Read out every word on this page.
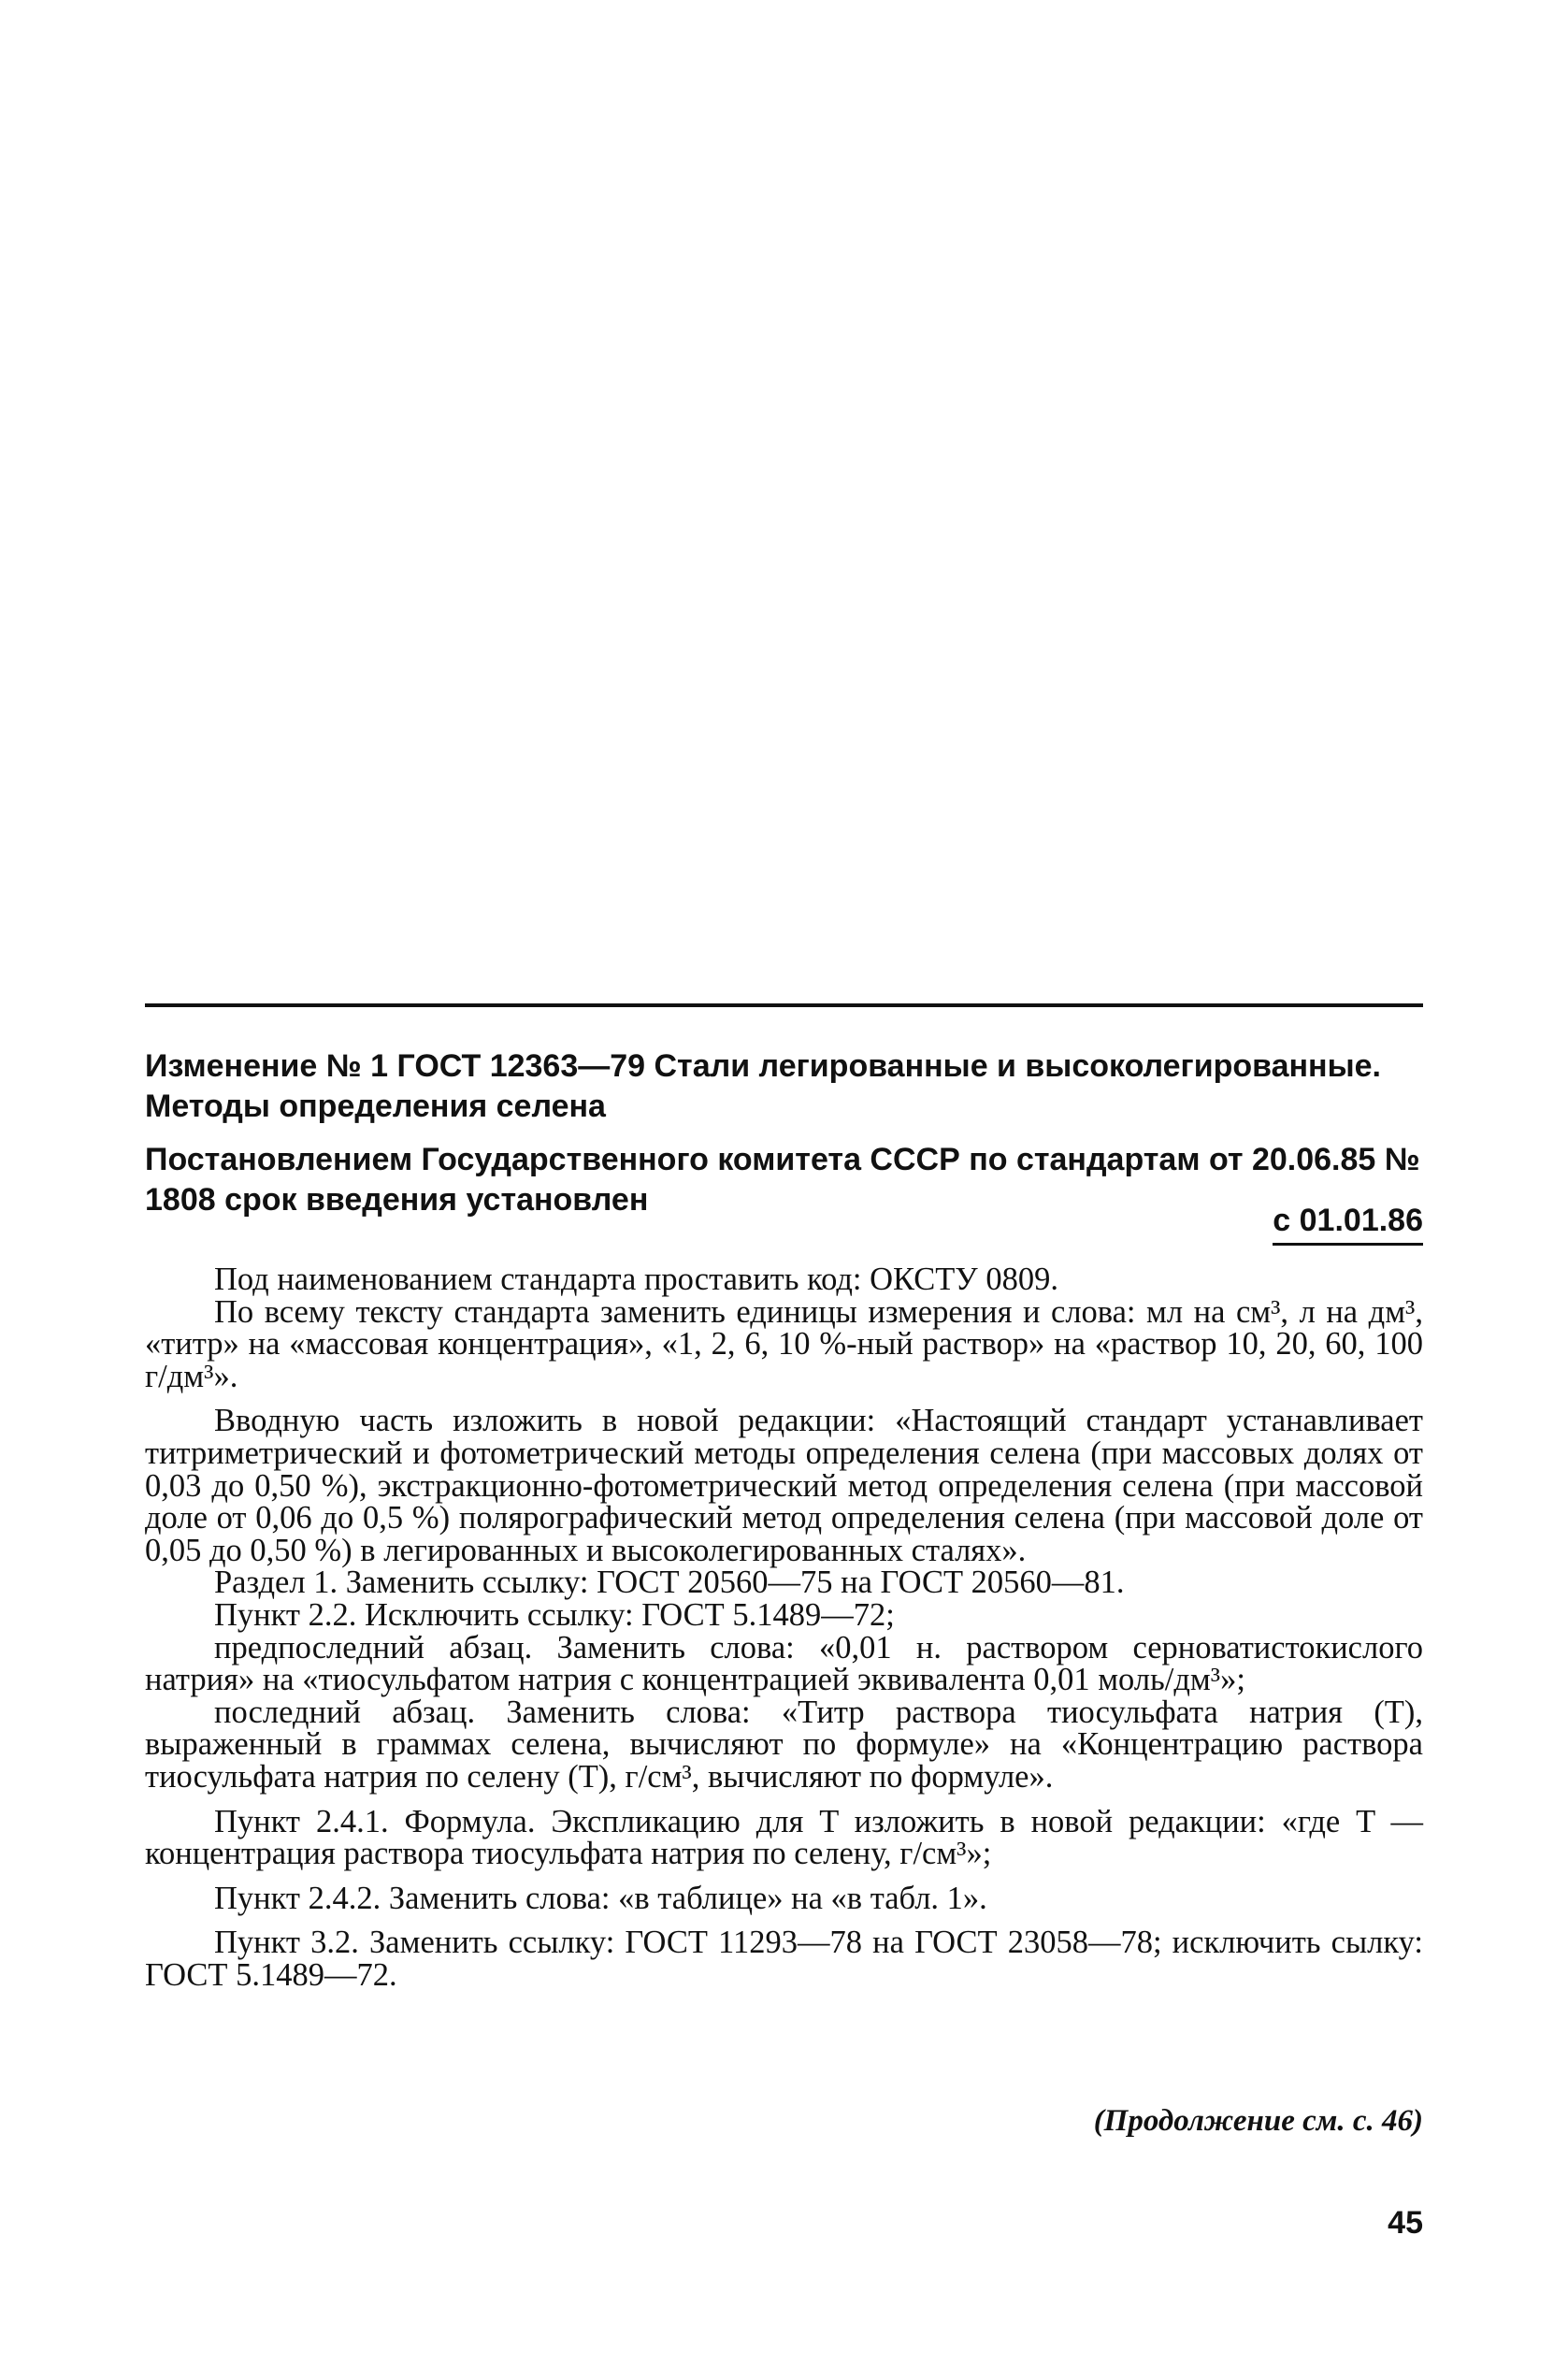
Изменение № 1 ГОСТ 12363—79 Стали легированные и высоколегированные. Методы определения селена

Постановлением Государственного комитета СССР по стандартам от 20.06.85 № 1808 срок введения установлен

с 01.01.86

Под наименованием стандарта проставить код: ОКСТУ 0809.

По всему тексту стандарта заменить единицы измерения и слова: мл на см³, л на дм³, «титр» на «массовая концентрация», «1, 2, 6, 10 %-ный раствор» на «раствор 10, 20, 60, 100 г/дм³».

Вводную часть изложить в новой редакции: «Настоящий стандарт устанавливает титриметрический и фотометрический методы определения селена (при массовых долях от 0,03 до 0,50 %), экстракционно-фотометрический метод определения селена (при массовой доле от 0,06 до 0,5 %) полярографический метод определения селена (при массовой доле от 0,05 до 0,50 %) в легированных и высоколегированных сталях».

Раздел 1. Заменить ссылку: ГОСТ 20560—75 на ГОСТ 20560—81.

Пункт 2.2. Исключить ссылку: ГОСТ 5.1489—72;

предпоследний абзац. Заменить слова: «0,01 н. раствором серноватистокислого натрия» на «тиосульфатом натрия с концентрацией эквивалента 0,01 моль/дм³»;

последний абзац. Заменить слова: «Титр раствора тиосульфата натрия (T), выраженный в граммах селена, вычисляют по формуле» на «Концентрацию раствора тиосульфата натрия по селену (T), г/см³, вычисляют по формуле».

Пункт 2.4.1. Формула. Экспликацию для T изложить в новой редакции: «где T — концентрация раствора тиосульфата натрия по селену, г/см³»;

Пункт 2.4.2. Заменить слова: «в таблице» на «в табл. 1».

Пункт 3.2. Заменить ссылку: ГОСТ 11293—78 на ГОСТ 23058—78; исключить сылку: ГОСТ 5.1489—72.

(Продолжение см. с. 46)
45
